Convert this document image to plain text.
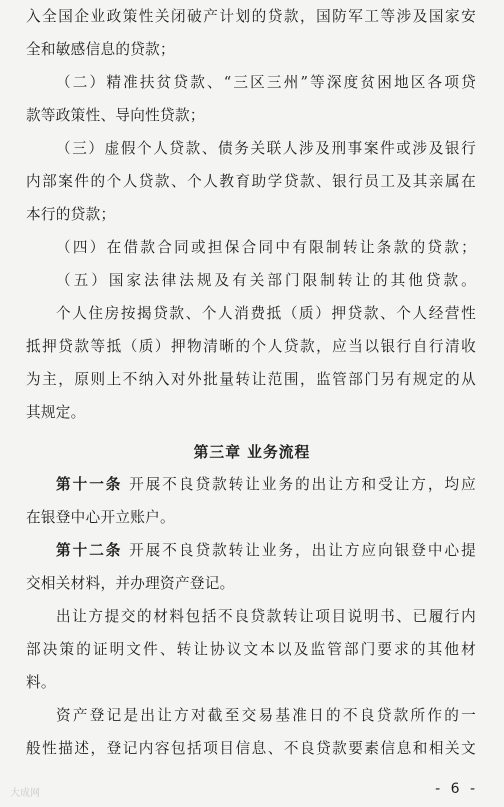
入全国企业政策性关闭破产计划的贷款，国防军工等涉及国家安

全和敏感信息的贷款；

（二）精准扶贫贷款、“三区三州”等深度贫困地区各项贷

款等政策性、导向性贷款；

（三）虚假个人贷款、债务关联人涉及刑事案件或涉及银行

内部案件的个人贷款、个人教育助学贷款、银行员工及其亲属在

本行的贷款；

（四）在借款合同或担保合同中有限制转让条款的贷款；

（五）国家法律法规及有关部门限制转让的其他贷款。

个人住房按揭贷款、个人消费抵（质）押贷款、个人经营性

抵押贷款等抵（质）押物清晰的个人贷款，应当以银行自行清收

为主，原则上不纳入对外批量转让范围，监管部门另有规定的从

其规定。

第三章 业务流程

第十一条 开展不良贷款转让业务的出让方和受让方，均应

在银登中心开立账户。

第十二条 开展不良贷款转让业务，出让方应向银登中心提

交相关材料，并办理资产登记。

出让方提交的材料包括不良贷款转让项目说明书、已履行内

部决策的证明文件、转让协议文本以及监管部门要求的其他材

料。

资产登记是出让方对截至交易基准日的不良贷款所作的一

般性描述，登记内容包括项目信息、不良贷款要素信息和相关文

- 6 -
大成网
